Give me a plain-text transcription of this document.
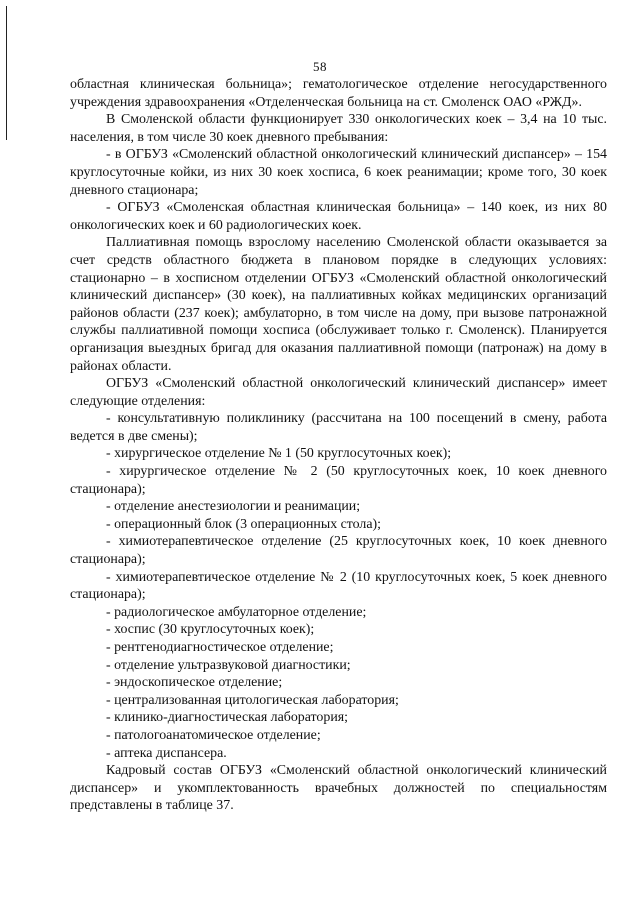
58

областная клиническая больница»; гематологическое отделение негосударственного учреждения здравоохранения «Отделенческая больница на ст. Смоленск ОАО «РЖД».

В Смоленской области функционирует 330 онкологических коек – 3,4 на 10 тыс. населения, в том числе 30 коек дневного пребывания:

- в ОГБУЗ «Смоленский областной онкологический клинический диспансер» – 154 круглосуточные койки, из них 30 коек хосписа, 6 коек реанимации; кроме того, 30 коек дневного стационара;

- ОГБУЗ «Смоленская областная клиническая больница» – 140 коек, из них 80 онкологических коек и 60 радиологических коек.

Паллиативная помощь взрослому населению Смоленской области оказывается за счет средств областного бюджета в плановом порядке в следующих условиях: стационарно – в хосписном отделении ОГБУЗ «Смоленский областной онкологический клинический диспансер» (30 коек), на паллиативных койках медицинских организаций районов области (237 коек); амбулаторно, в том числе на дому, при вызове патронажной службы паллиативной помощи хосписа (обслуживает только г. Смоленск). Планируется организация выездных бригад для оказания паллиативной помощи (патронаж) на дому в районах области.

ОГБУЗ «Смоленский областной онкологический клинический диспансер» имеет следующие отделения:

- консультативную поликлинику (рассчитана на 100 посещений в смену, работа ведется в две смены);

- хирургическое отделение № 1 (50 круглосуточных коек);

- хирургическое отделение № 2 (50 круглосуточных коек, 10 коек дневного стационара);

- отделение анестезиологии и реанимации;

- операционный блок (3 операционных стола);

- химиотерапевтическое отделение (25 круглосуточных коек, 10 коек дневного стационара);

- химиотерапевтическое отделение № 2 (10 круглосуточных коек, 5 коек дневного стационара);

- радиологическое амбулаторное отделение;

- хоспис (30 круглосуточных коек);

- рентгенодиагностическое отделение;

- отделение ультразвуковой диагностики;

- эндоскопическое отделение;

- централизованная цитологическая лаборатория;

- клинико-диагностическая лаборатория;

- патологоанатомическое отделение;

- аптека диспансера.

Кадровый состав ОГБУЗ «Смоленский областной онкологический клинический диспансер» и укомплектованность врачебных должностей по специальностям представлены в таблице 37.
